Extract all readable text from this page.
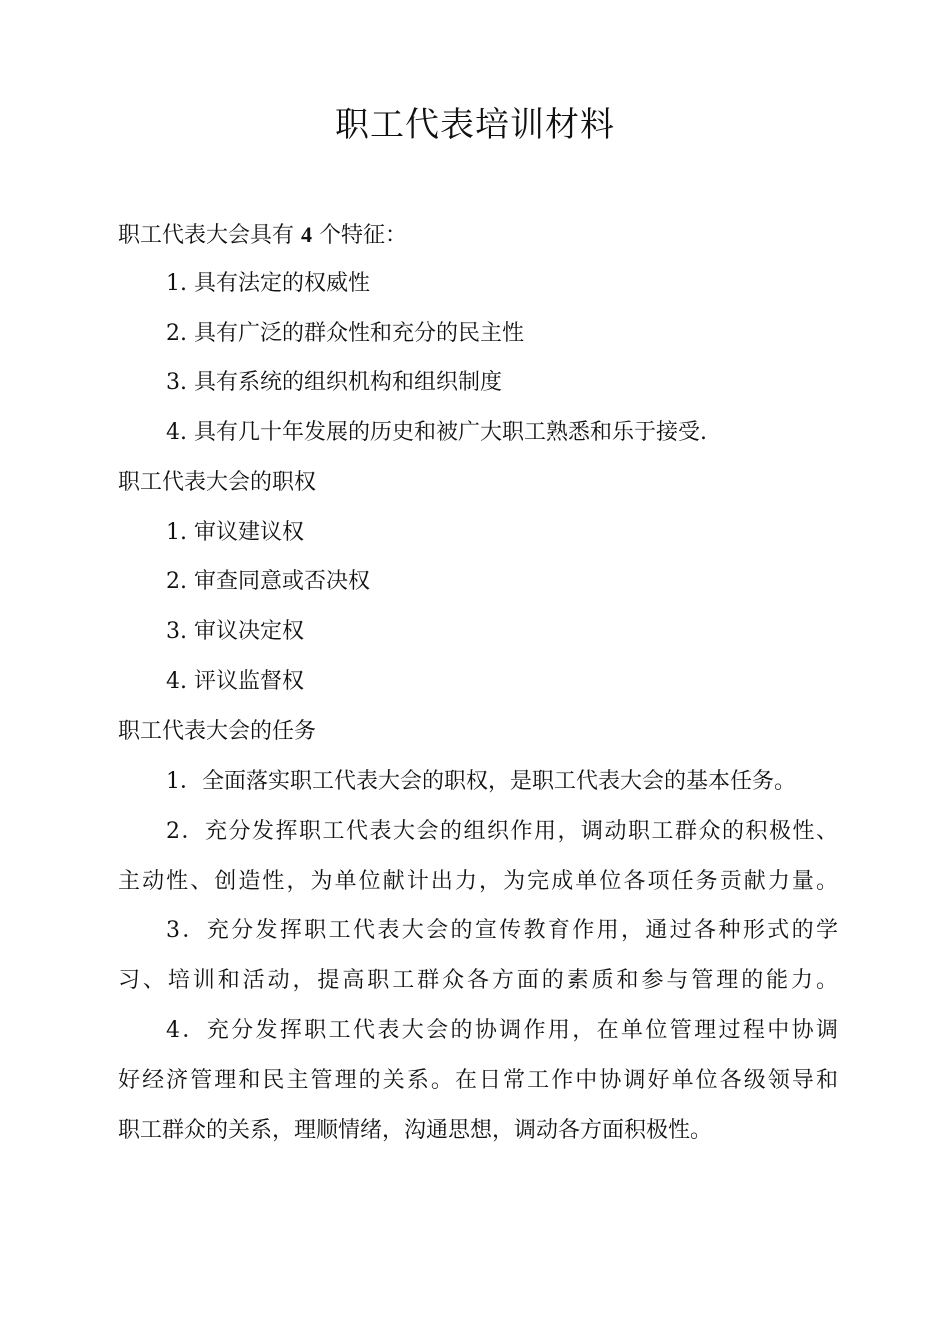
职工代表培训材料
职工代表大会具有 4 个特征：
1. 具有法定的权威性
2. 具有广泛的群众性和充分的民主性
3. 具有系统的组织机构和组织制度
4. 具有几十年发展的历史和被广大职工熟悉和乐于接受.
职工代表大会的职权
1. 审议建议权
2. 审查同意或否决权
3. 审议决定权
4. 评议监督权
职工代表大会的任务
1．全面落实职工代表大会的职权，是职工代表大会的基本任务。
2．充分发挥职工代表大会的组织作用，调动职工群众的积极性、
主动性、创造性，为单位献计出力，为完成单位各项任务贡献力量。
3．充分发挥职工代表大会的宣传教育作用，通过各种形式的学
习、培训和活动，提高职工群众各方面的素质和参与管理的能力。
4．充分发挥职工代表大会的协调作用，在单位管理过程中协调
好经济管理和民主管理的关系。在日常工作中协调好单位各级领导和
职工群众的关系，理顺情绪，沟通思想，调动各方面积极性。
